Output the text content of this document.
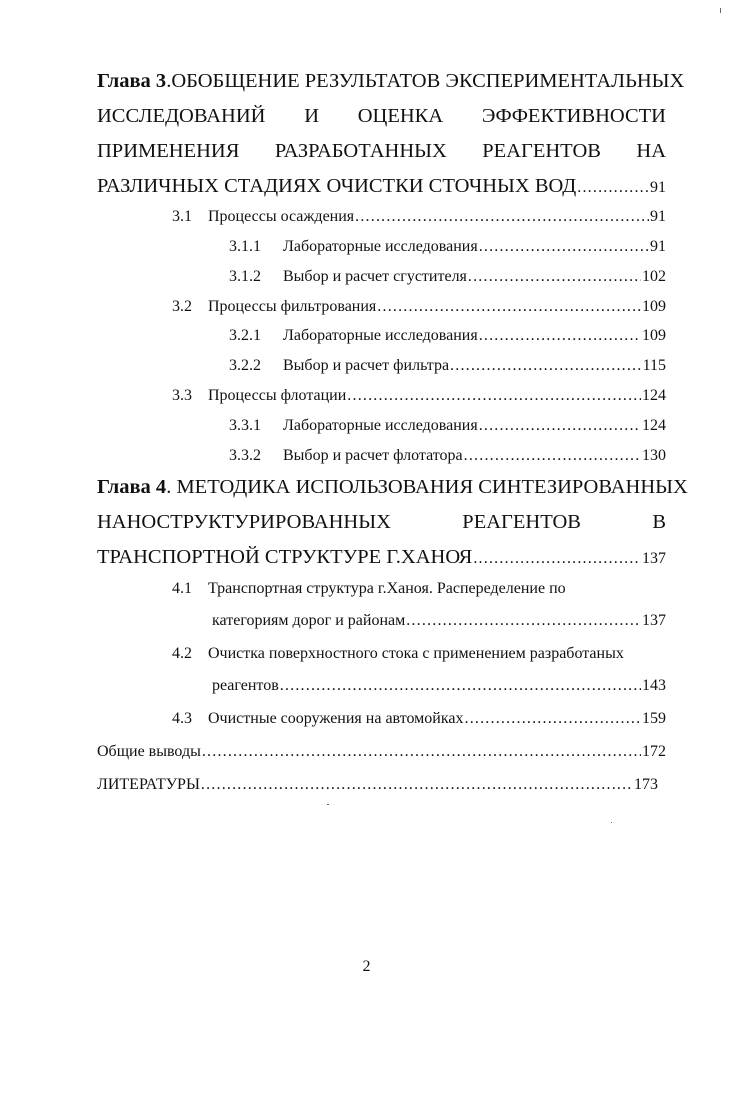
Глава 3.ОБОБЩЕНИЕ РЕЗУЛЬТАТОВ ЭКСПЕРИМЕНТАЛЬНЫХ
ИССЛЕДОВАНИЙ И ОЦЕНКА ЭФФЕКТИВНОСТИ
ПРИМЕНЕНИЯ РАЗРАБОТАННЫХ РЕАГЕНТОВ НА
РАЗЛИЧНЫХ СТАДИЯХ ОЧИСТКИ СТОЧНЫХ ВОД .....	91
3.1	Процессы осаждения .....	91
3.1.1	Лабораторные исследования .....	91
3.1.2	Выбор и расчет сгустителя .....	102
3.2	Процессы фильтрования .....	109
3.2.1	Лабораторные исследования .....	109
3.2.2	Выбор и расчет фильтра .....	115
3.3	Процессы флотации .....	124
3.3.1	Лабораторные исследования .....	124
3.3.2	Выбор и расчет флотатора .....	130
Глава 4. МЕТОДИКА ИСПОЛЬЗОВАНИЯ СИНТЕЗИРОВАННЫХ
НАНОСТРУКТУРИРОВАННЫХ	РЕАГЕНТОВ	В
ТРАНСПОРТНОЙ СТРУКТУРЕ Г.ХАНОЯ .....	137
4.1 Транспортная структура г.Ханоя. Распеределение по
категориям дорог и районам .....	137
4.2 Очистка поверхностного стока с применением разработаных
реагентов .....	143
4.3	Очистные сооружения на автомойках .....	159
Общие выводы .....	172
ЛИТЕРАТУРЫ .....	173
2
